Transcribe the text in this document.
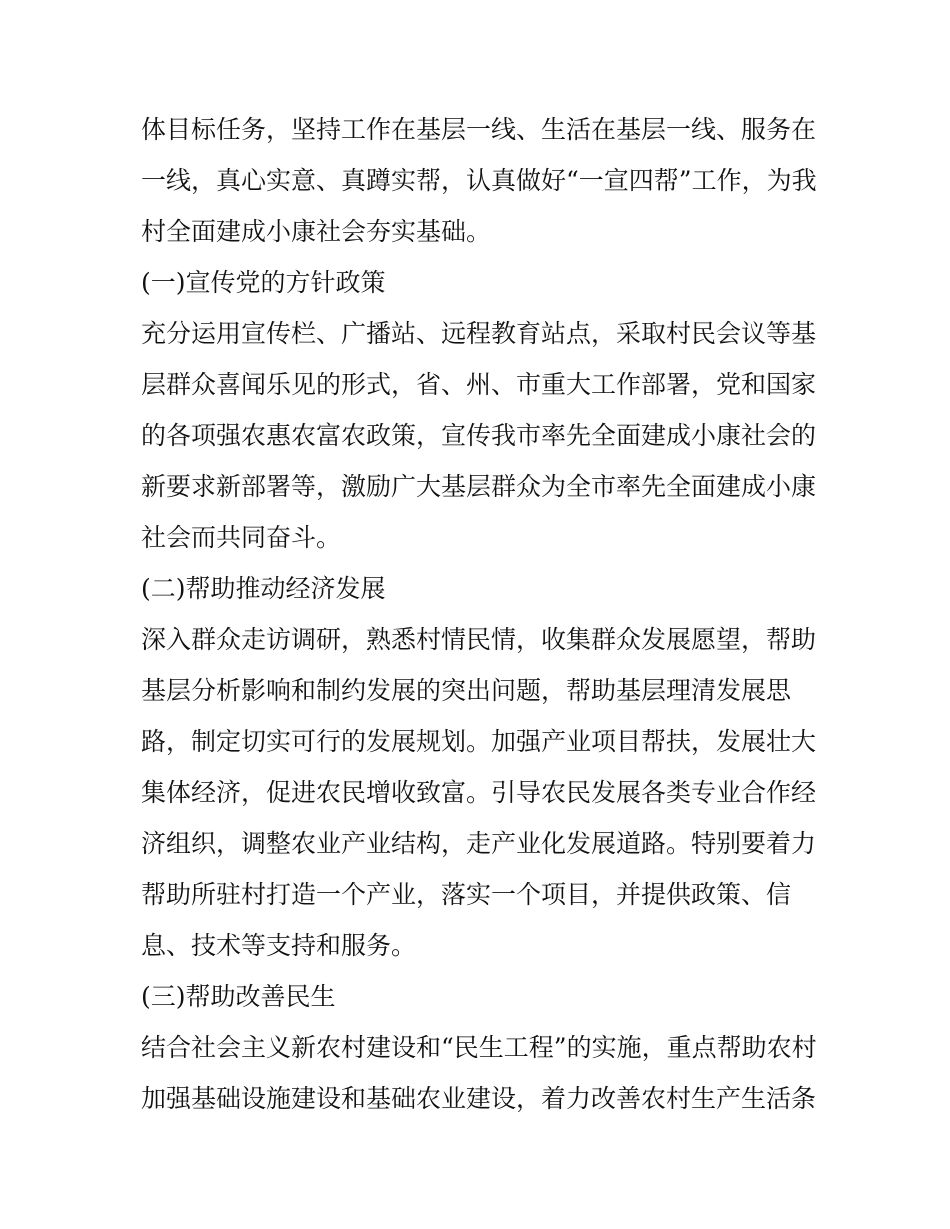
体目标任务，坚持工作在基层一线、生活在基层一线、服务在
一线，真心实意、真蹲实帮，认真做好“一宣四帮”工作，为我
村全面建成小康社会夯实基础。
(一)宣传党的方针政策
充分运用宣传栏、广播站、远程教育站点，采取村民会议等基
层群众喜闻乐见的形式，省、州、市重大工作部署，党和国家
的各项强农惠农富农政策，宣传我市率先全面建成小康社会的
新要求新部署等，激励广大基层群众为全市率先全面建成小康
社会而共同奋斗。
(二)帮助推动经济发展
深入群众走访调研，熟悉村情民情，收集群众发展愿望，帮助
基层分析影响和制约发展的突出问题，帮助基层理清发展思
路，制定切实可行的发展规划。加强产业项目帮扶，发展壮大
集体经济，促进农民增收致富。引导农民发展各类专业合作经
济组织，调整农业产业结构，走产业化发展道路。特别要着力
帮助所驻村打造一个产业，落实一个项目，并提供政策、信
息、技术等支持和服务。
(三)帮助改善民生
结合社会主义新农村建设和“民生工程”的实施，重点帮助农村
加强基础设施建设和基础农业建设，着力改善农村生产生活条
